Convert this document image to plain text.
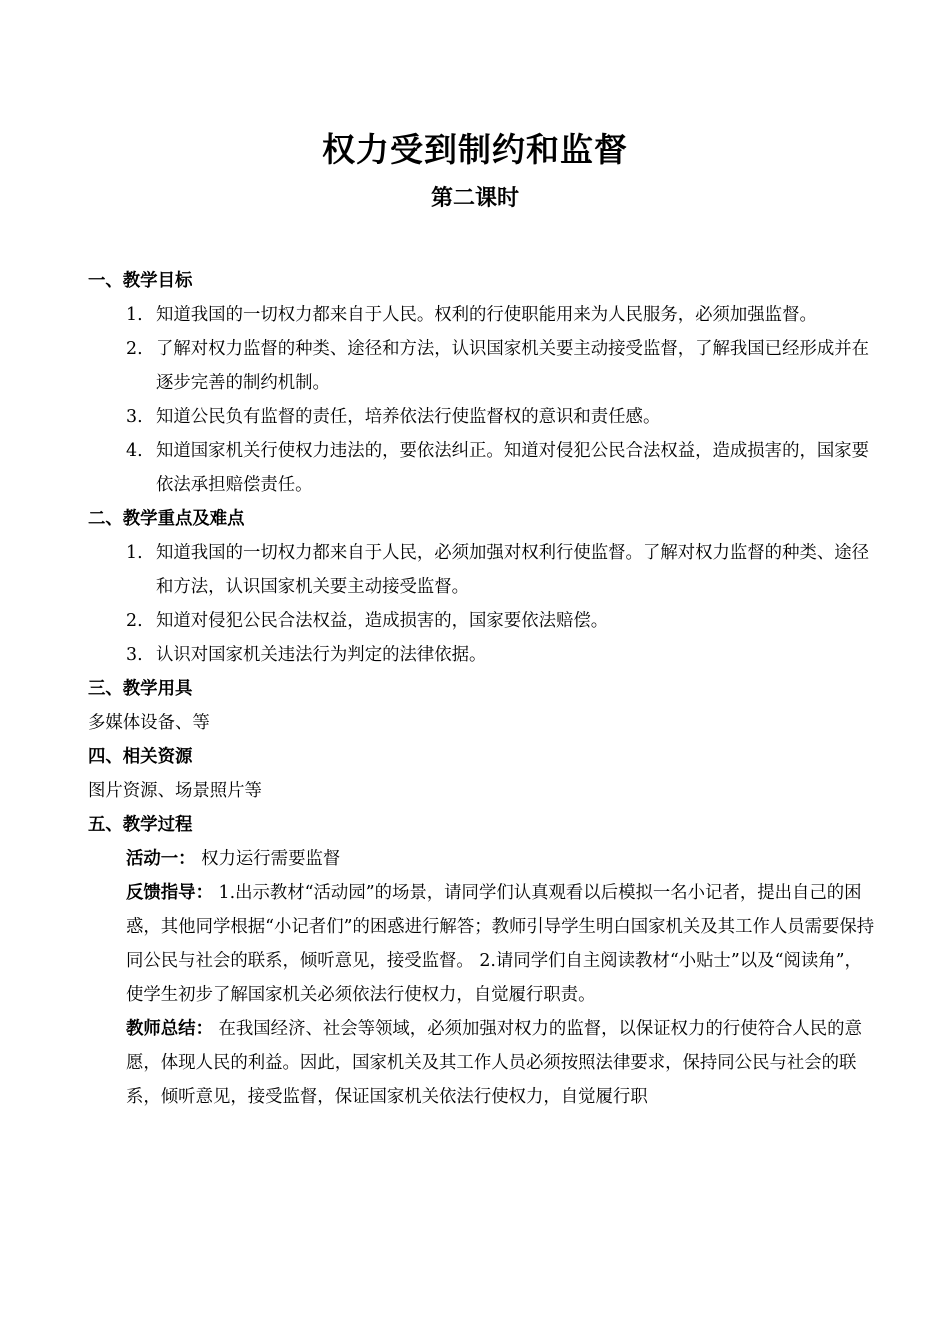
权力受到制约和监督
第二课时
一、教学目标
1. 知道我国的一切权力都来自于人民。权利的行使职能用来为人民服务，必须加强监督。
2. 了解对权力监督的种类、途径和方法，认识国家机关要主动接受监督，了解我国已经形成并在逐步完善的制约机制。
3. 知道公民负有监督的责任，培养依法行使监督权的意识和责任感。
4. 知道国家机关行使权力违法的，要依法纠正。知道对侵犯公民合法权益，造成损害的，国家要依法承担赔偿责任。
二、教学重点及难点
1. 知道我国的一切权力都来自于人民，必须加强对权利行使监督。了解对权力监督的种类、途径和方法，认识国家机关要主动接受监督。
2. 知道对侵犯公民合法权益，造成损害的，国家要依法赔偿。
3. 认识对国家机关违法行为判定的法律依据。
三、教学用具
多媒体设备、等
四、相关资源
图片资源、场景照片等
五、教学过程
活动一： 权力运行需要监督
反馈指导： 1.出示教材“活动园”的场景，请同学们认真观看以后模拟一名小记者，提出自己的困惑，其他同学根据“小记者们”的困惑进行解答；教师引导学生明白国家机关及其工作人员需要保持同公民与社会的联系，倾听意见，接受监督。 2.请同学们自主阅读教材“小贴士”以及“阅读角”，使学生初步了解国家机关必须依法行使权力，自觉履行职责。
教师总结： 在我国经济、社会等领域，必须加强对权力的监督，以保证权力的行使符合人民的意愿，体现人民的利益。因此，国家机关及其工作人员必须按照法律要求，保持同公民与社会的联系，倾听意见，接受监督，保证国家机关依法行使权力，自觉履行职
